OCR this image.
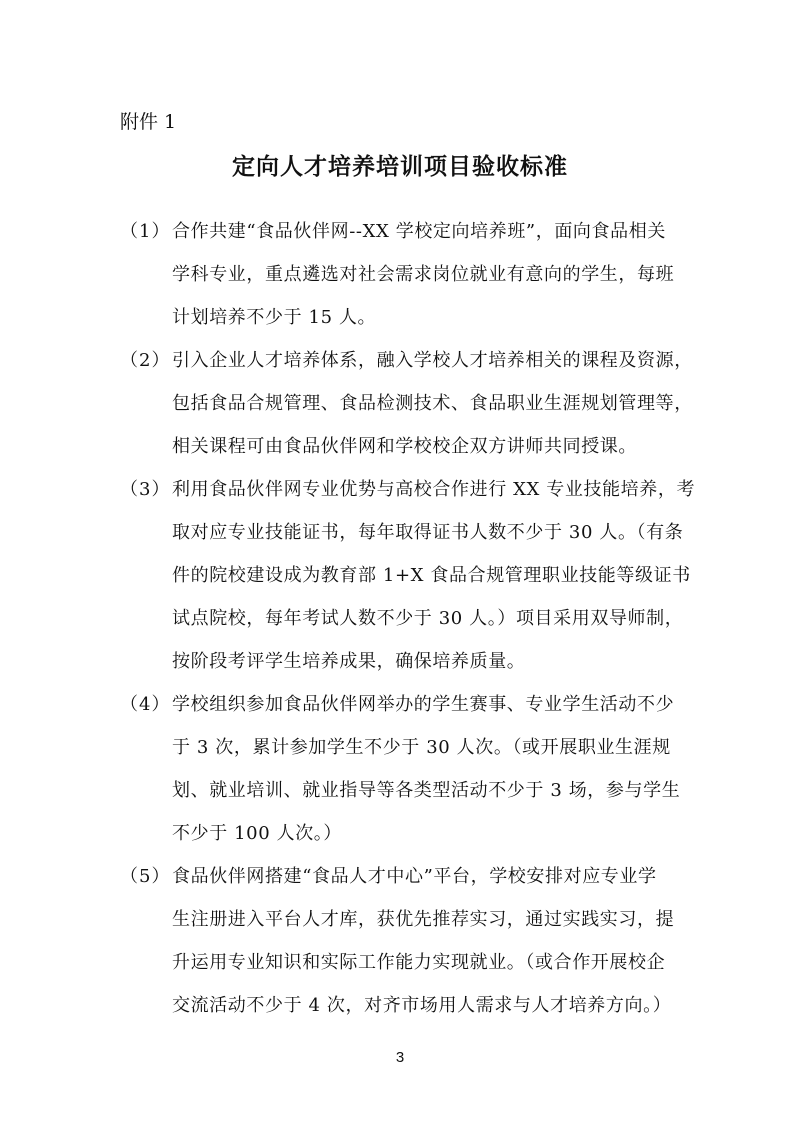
附件 1
定向人才培养培训项目验收标准
（1） 合作共建“食品伙伴网--XX 学校定向培养班”，面向食品相关
学科专业，重点遴选对社会需求岗位就业有意向的学生，每班
计划培养不少于 15 人。
（2） 引入企业人才培养体系，融入学校人才培养相关的课程及资源，
包括食品合规管理、食品检测技术、食品职业生涯规划管理等，
相关课程可由食品伙伴网和学校校企双方讲师共同授课。
（3） 利用食品伙伴网专业优势与高校合作进行 XX 专业技能培养，考
取对应专业技能证书，每年取得证书人数不少于 30 人。（有条
件的院校建设成为教育部 1+X 食品合规管理职业技能等级证书
试点院校，每年考试人数不少于 30 人。）项目采用双导师制，
按阶段考评学生培养成果，确保培养质量。
（4） 学校组织参加食品伙伴网举办的学生赛事、专业学生活动不少
于 3 次，累计参加学生不少于 30 人次。（或开展职业生涯规
划、就业培训、就业指导等各类型活动不少于 3 场，参与学生
不少于 100 人次。）
（5） 食品伙伴网搭建“食品人才中心”平台，学校安排对应专业学
生注册进入平台人才库，获优先推荐实习，通过实践实习，提
升运用专业知识和实际工作能力实现就业。（或合作开展校企
交流活动不少于 4 次，对齐市场用人需求与人才培养方向。）
3
